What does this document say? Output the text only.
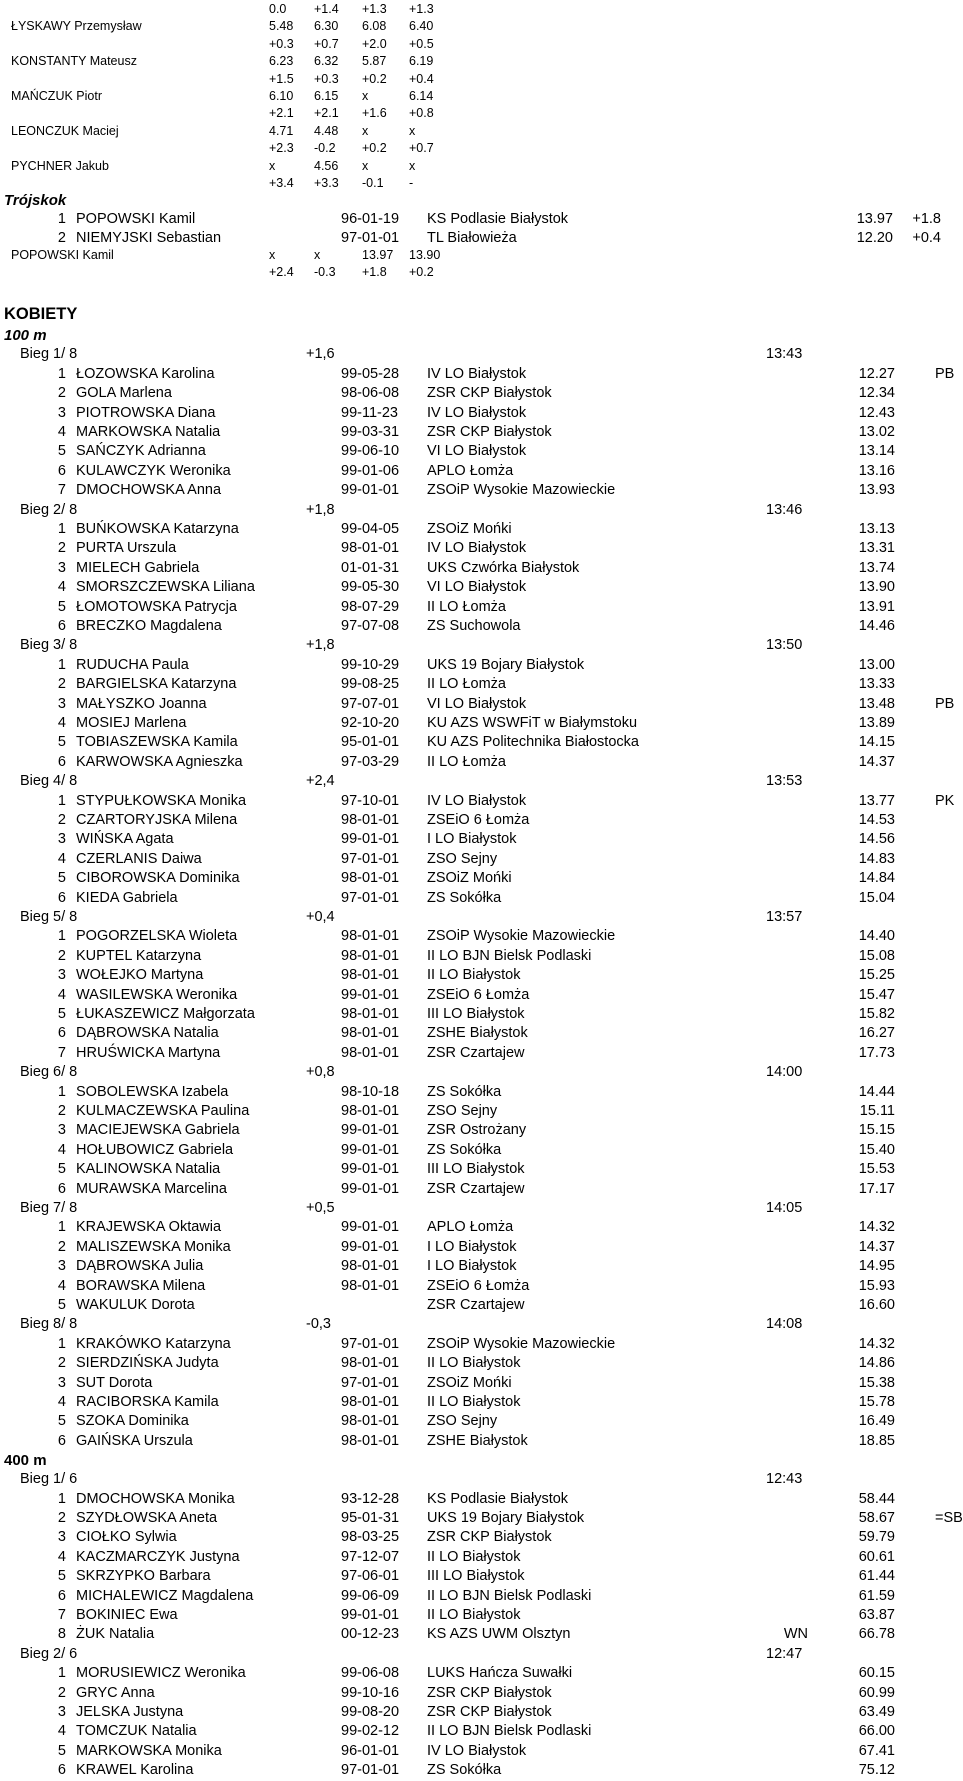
0.0 +1.4 +1.3 +1.3
ŁYSKAWY Przemysław	5.48 6.30 6.08 6.40
+0.3 +0.7 +2.0 +0.5
KONSTANTY Mateusz	6.23 6.32 5.87 6.19
+1.5 +0.3 +0.2 +0.4
MAŃCZUK Piotr	6.10 6.15 x	6.14
+2.1 +2.1 +1.6 +0.8
LEONCZUK Maciej	4.71 4.48 x	x
+2.3 -0.2 +0.2 +0.7
PYCHNER Jakub	x	4.56 x	x
+3.4 +3.3 -0.1 -
Trójskok
1 POPOWSKI Kamil	96-01-19 KS Podlasie Białystok	13.97 +1.8
2 NIEMYJSKI Sebastian	97-01-01 TL Białowieża	12.20 +0.4
POPOWSKI Kamil	x	x	13.97 13.90
+2.4 -0.3 +1.8 +0.2
KOBIETY
100 m
Bieg 1/ 8	+1,6	13:43
1 ŁOZOWSKA Karolina	99-05-28 IV LO Białystok	12.27	PB
2 GOLA Marlena	98-06-08 ZSR CKP Białystok	12.34
3 PIOTROWSKA Diana	99-11-23 IV LO Białystok	12.43
4 MARKOWSKA Natalia	99-03-31 ZSR CKP Białystok	13.02
5 SAŃCZYK Adrianna	99-06-10 VI LO Białystok	13.14
6 KULAWCZYK Weronika	99-01-06 APLO Łomża	13.16
7 DMOCHOWSKA Anna	99-01-01 ZSOiP Wysokie Mazowieckie	13.93
Bieg 2/ 8	+1,8	13:46
1 BUŃKOWSKA Katarzyna	99-04-05 ZSOiZ Mońki	13.13
2 PURTA Urszula	98-01-01 IV LO Białystok	13.31
3 MIELECH Gabriela	01-01-31 UKS Czwórka Białystok	13.74
4 SMORSZCZEWSKA Liliana	99-05-30 VI LO Białystok	13.90
5 ŁOMOTOWSKA Patrycja	98-07-29 II LO Łomża	13.91
6 BRECZKO Magdalena	97-07-08 ZS Suchowola	14.46
Bieg 3/ 8	+1,8	13:50
1 RUDUCHA Paula	99-10-29 UKS 19 Bojary Białystok	13.00
2 BARGIELSKA Katarzyna	99-08-25 II LO Łomża	13.33
3 MAŁYSZKO Joanna	97-07-01 VI LO Białystok	13.48	PB
4 MOSIEJ Marlena	92-10-20 KU AZS WSWFiT w Białymstoku	13.89
5 TOBIASZEWSKA Kamila	95-01-01 KU AZS Politechnika Białostocka	14.15
6 KARWOWSKA Agnieszka	97-03-29 II LO Łomża	14.37
Bieg 4/ 8	+2,4	13:53
1 STYPUŁKOWSKA Monika	97-10-01 IV LO Białystok	13.77	PK
2 CZARTORYJSKA Milena	98-01-01 ZSEiO 6 Łomża	14.53
3 WIŃSKA Agata	99-01-01 I LO Białystok	14.56
4 CZERLANIS Daiwa	97-01-01 ZSO Sejny	14.83
5 CIBOROWSKA Dominika	98-01-01 ZSOiZ Mońki	14.84
6 KIEDA Gabriela	97-01-01 ZS Sokółka	15.04
Bieg 5/ 8	+0,4	13:57
1 POGORZELSKA Wioleta	98-01-01 ZSOiP Wysokie Mazowieckie	14.40
2 KUPTEL Katarzyna	98-01-01 II LO BJN Bielsk Podlaski	15.08
3 WOŁEJKO Martyna	98-01-01 II LO Białystok	15.25
4 WASILEWSKA Weronika	99-01-01 ZSEiO 6 Łomża	15.47
5 ŁUKASZEWICZ Małgorzata	98-01-01 III LO Białystok	15.82
6 DĄBROWSKA Natalia	98-01-01 ZSHE Białystok	16.27
7 HRUŚWICKA Martyna	98-01-01 ZSR Czartajew	17.73
Bieg 6/ 8	+0,8	14:00
1 SOBOLEWSKA Izabela	98-10-18 ZS Sokółka	14.44
2 KULMACZEWSKA Paulina	98-01-01 ZSO Sejny	15.11
3 MACIEJEWSKA Gabriela	99-01-01 ZSR Ostrożany	15.15
4 HOŁUBOWICZ Gabriela	99-01-01 ZS Sokółka	15.40
5 KALINOWSKA Natalia	99-01-01 III LO Białystok	15.53
6 MURAWSKA Marcelina	99-01-01 ZSR Czartajew	17.17
Bieg 7/ 8	+0,5	14:05
1 KRAJEWSKA Oktawia	99-01-01 APLO Łomża	14.32
2 MALISZEWSKA Monika	99-01-01 I LO Białystok	14.37
3 DĄBROWSKA Julia	98-01-01 I LO Białystok	14.95
4 BORAWSKA Milena	98-01-01 ZSEiO 6 Łomża	15.93
5 WAKULUK Dorota	ZSR Czartajew	16.60
Bieg 8/ 8	-0,3	14:08
1 KRAKÓWKO Katarzyna	97-01-01 ZSOiP Wysokie Mazowieckie	14.32
2 SIERDZIŃSKA Judyta	98-01-01 II LO Białystok	14.86
3 SUT Dorota	97-01-01 ZSOiZ Mońki	15.38
4 RACIBORSKA Kamila	98-01-01 II LO Białystok	15.78
5 SZOKA Dominika	98-01-01 ZSO Sejny	16.49
6 GAIŃSKA Urszula	98-01-01 ZSHE Białystok	18.85
400 m
Bieg 1/ 6	12:43
1 DMOCHOWSKA Monika	93-12-28 KS Podlasie Białystok	58.44
2 SZYDŁOWSKA Aneta	95-01-31 UKS 19 Bojary Białystok	58.67	=SB
3 CIOŁKO Sylwia	98-03-25 ZSR CKP Białystok	59.79
4 KACZMARCZYK Justyna	97-12-07 II LO Białystok	60.61
5 SKRZYPKO Barbara	97-06-01 III LO Białystok	61.44
6 MICHALEWICZ Magdalena	99-06-09 II LO BJN Bielsk Podlaski	61.59
7 BOKINIEC Ewa	99-01-01 II LO Białystok	63.87
8 ŻUK Natalia	00-12-23 KS AZS UWM Olsztyn	WN	66.78
Bieg 2/ 6	12:47
1 MORUSIEWICZ Weronika	99-06-08 LUKS Hańcza Suwałki	60.15
2 GRYC Anna	99-10-16 ZSR CKP Białystok	60.99
3 JELSKA Justyna	99-08-20 ZSR CKP Białystok	63.49
4 TOMCZUK Natalia	99-02-12 II LO BJN Bielsk Podlaski	66.00
5 MARKOWSKA Monika	96-01-01 IV LO Białystok	67.41
6 KRAWEL Karolina	97-01-01 ZS Sokółka	75.12
